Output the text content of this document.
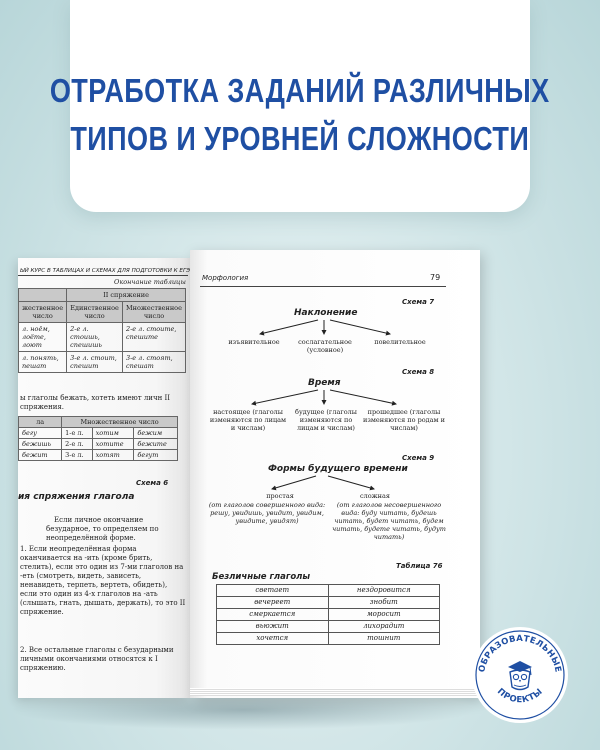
ОТРАБОТКА ЗАДАНИЙ РАЗЛИЧНЫХ
ТИПОВ И УРОВНЕЙ СЛОЖНОСТИ
ЫЙ КУРС В ТАБЛИЦАХ И СХЕМАХ ДЛЯ ПОДГОТОВКИ К ЕГЭ
Окончание таблицы
	II спряжение	
жественное число	Единственное число	Множественное число
л. ноём, лоёте, лоют	2-е л. стоишь, спешишь	2-е л. стоите, спешите
л. понять, пешат	3-е л. стоит, спешит	3-е л. стоят, спешат
ы глаголы бежать, хотеть имеют личн II спряжения.
ла	Множественное число		
бегу	1-е л.	хотим	бежим
бежишь	2-е л.	хотите	бежите
бежит	3-е л.	хотят	бегут
Схема 6
ия спряжения глагола
Если личное окончание безударное, то определяем по неопределённой форме.
1. Если неопределённая форма оканчивается на -ить (кроме брить, стелить), если это один из 7-ми глаголов на -еть (смотреть, видеть, зависеть, ненавидеть, терпеть, вертеть, обидеть), если это один из 4-х глаголов на -ать (слышать, гнать, дышать, держать), то это II спряжение.
2. Все остальные глаголы с безударными личными окончаниями относятся к I спряжению.
Морфология	79
Схема 7
Наклонение
изъявительное	сослагательное (условное)
повелительное
Схема 8
Время
настоящее (глаголы изменяются по лицам и числам)
будущее (глаголы изменяются по лицам и числам)
прошедшее (глаголы изменяются по родам и числам)
Схема 9
Формы будущего времени
простая	сложная
(от глаголов совершенного вида: решу, увидишь, увидит, увидим, увидите, увидят)
(от глаголов несовершенного вида: буду читать, будешь читать, будет читать, будем читать, будете читать, будут читать)
Таблица 76
Безличные глаголы
светает	нездоровится
вечереет	знобит
смеркается	моросит
вьюжит	лихорадит
хочется	тошнит
ОБРАЗОВАТЕЛЬНЫЕ
ПРОЕКТЫ
